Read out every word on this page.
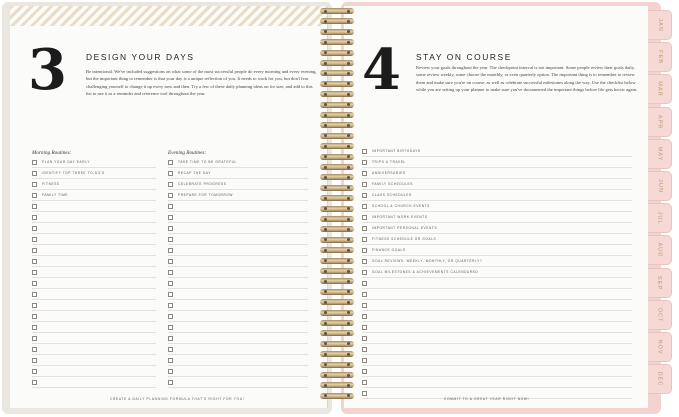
3 DESIGN YOUR DAYS
Be intentional. We've included suggestions on what some of the most successful people do every morning and every evening, but the important thing to remember is that your day is a unique reflection of you. It needs to work for you, but don't fear challenging yourself to change it up every now and then. Try a few of these daily planning ideas on for size, and add to this list to use it as a reminder and reference tool throughout the year.
Morning Routines:
PLAN YOUR DAY EARLY
IDENTIFY TOP THREE TO-DO'S
FITNESS
FAMILY TIME
Evening Routines:
TAKE TIME TO BE GRATEFUL
RECAP THE DAY
CELEBRATE PROGRESS
PREPARE FOR TOMORROW
CREATE A DAILY PLANNING FORMULA THAT'S RIGHT FOR YOU!
4 STAY ON COURSE
Review your goals throughout the year. The checkpoint interval is not important. Some people review their goals daily, some review weekly, some choose the monthly, or even quarterly option. The important thing is to remember to review them and make sure you're on course, as well as celebrate successful milestones along the way. Use the checklist below while you are setting up your planner to make sure you've documented the important things before life gets hectic again.
IMPORTANT BIRTHDAYS
TRIPS & TRAVEL
ANNIVERSARIES
FAMILY SCHEDULES
CLASS SCHEDULES
SCHOOL & CHURCH EVENTS
IMPORTANT WORK EVENTS
IMPORTANT PERSONAL EVENTS
FITNESS SCHEDULE OR GOALS
FINANCE GOALS
GOAL REVIEWS: WEEKLY, MONTHLY, OR QUARTERLY?
GOAL MILESTONES & ACHIEVEMENTS CALENDARED
COMMIT TO A GREAT YEAR RIGHT NOW!
JAN
FEB
MAR
APR
MAY
JUN
JUL
AUG
SEP
OCT
NOV
DEC
